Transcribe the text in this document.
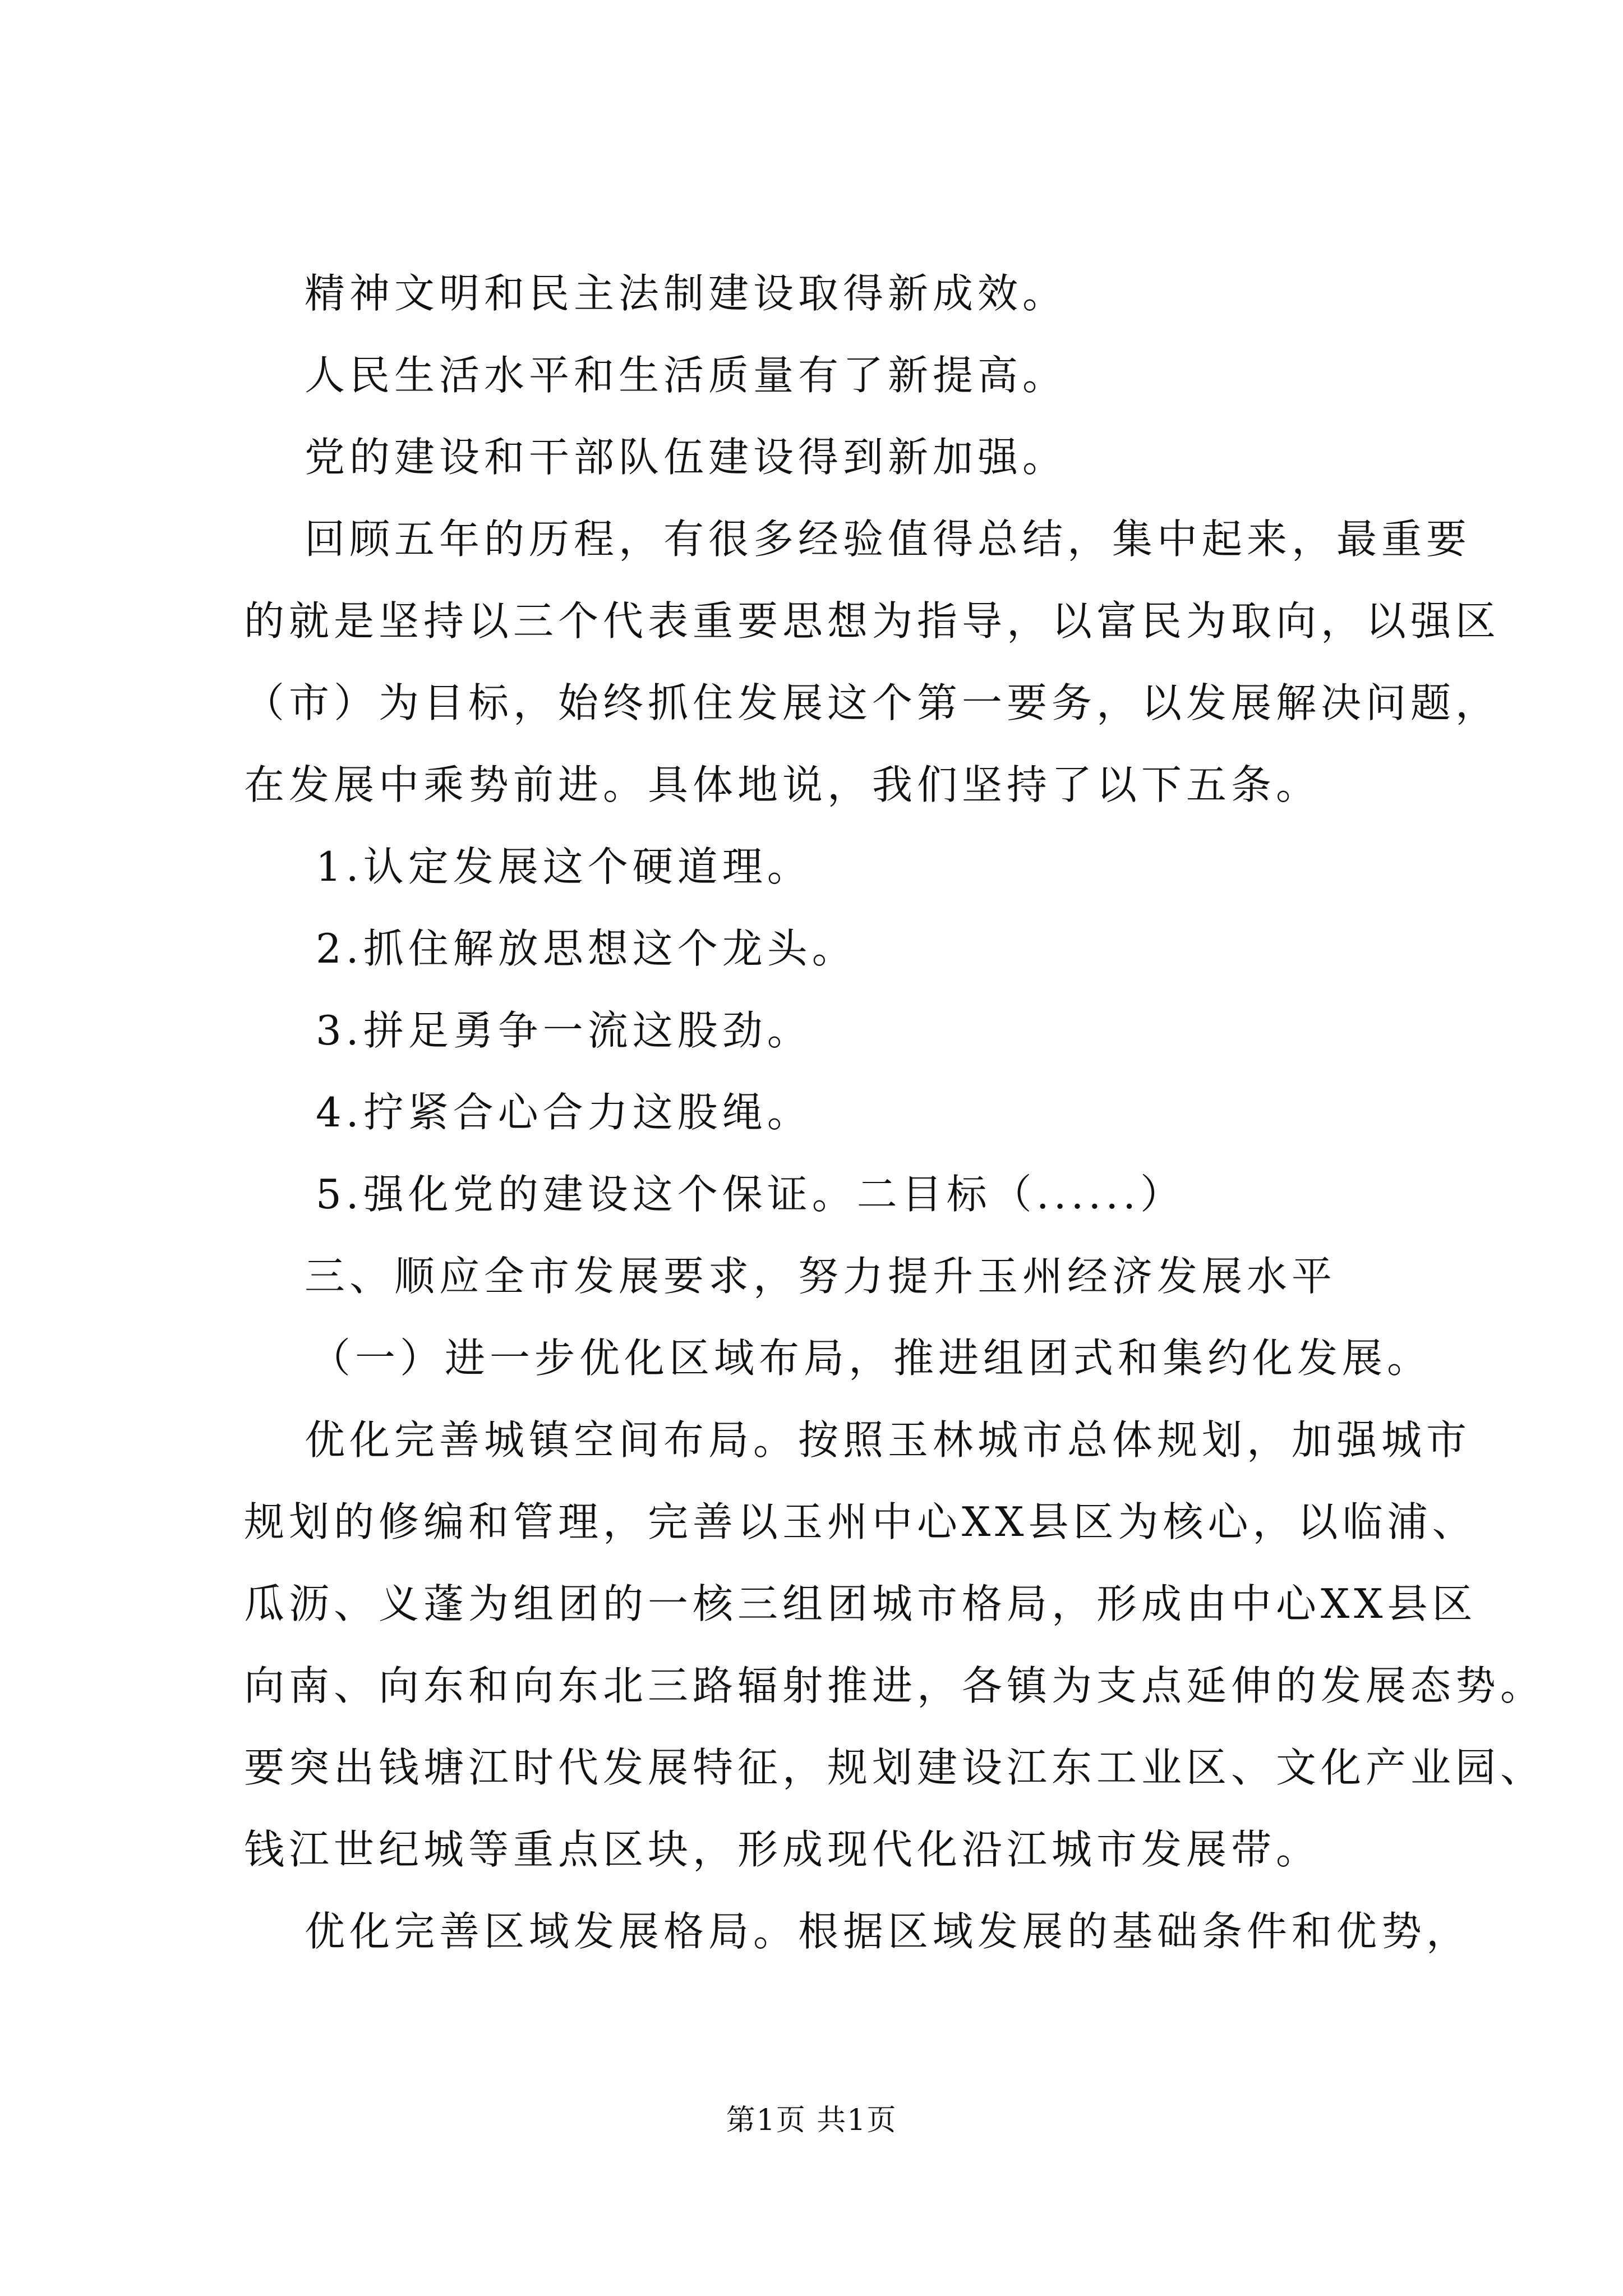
精神文明和民主法制建设取得新成效。

人民生活水平和生活质量有了新提高。

党的建设和干部队伍建设得到新加强。

回顾五年的历程，有很多经验值得总结，集中起来，最重要

的就是坚持以三个代表重要思想为指导，以富民为取向，以强区

（市）为目标，始终抓住发展这个第一要务，以发展解决问题，

在发展中乘势前进。具体地说，我们坚持了以下五条。

1.认定发展这个硬道理。

2.抓住解放思想这个龙头。

3.拼足勇争一流这股劲。

4.拧紧合心合力这股绳。

5.强化党的建设这个保证。二目标（......）

三、顺应全市发展要求，努力提升玉州经济发展水平

（一）进一步优化区域布局，推进组团式和集约化发展。

优化完善城镇空间布局。按照玉林城市总体规划，加强城市

规划的修编和管理，完善以玉州中心XX县区为核心，以临浦、

瓜沥、义蓬为组团的一核三组团城市格局，形成由中心XX县区

向南、向东和向东北三路辐射推进，各镇为支点延伸的发展态势。

要突出钱塘江时代发展特征，规划建设江东工业区、文化产业园、

钱江世纪城等重点区块，形成现代化沿江城市发展带。

优化完善区域发展格局。根据区域发展的基础条件和优势，

第1页 共1页
